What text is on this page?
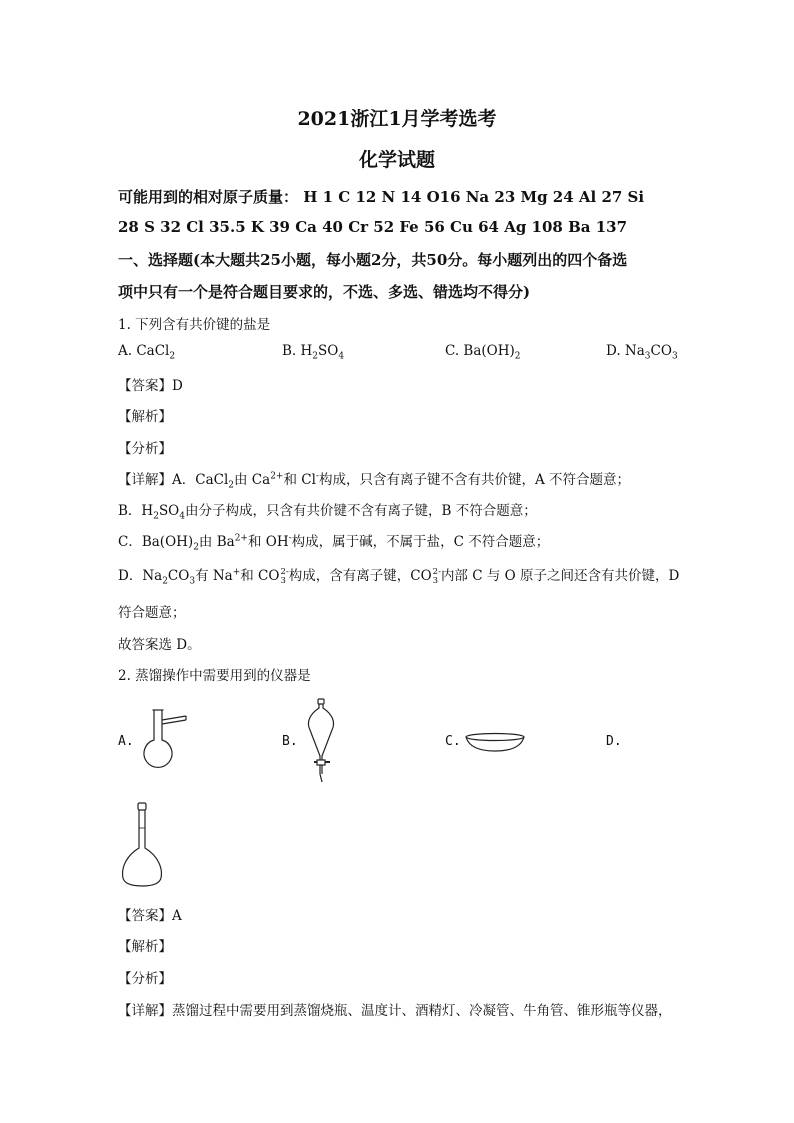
2021浙江1月学考选考
化学试题
可能用到的相对原子质量： H 1 C 12 N 14 O16 Na 23 Mg 24 Al 27 Si
28 S 32 Cl 35.5 K 39 Ca 40 Cr 52 Fe 56 Cu 64 Ag 108 Ba 137
一、选择题(本大题共25小题，每小题2分，共50分。每小题列出的四个备选
项中只有一个是符合题目要求的，不选、多选、错选均不得分)
1. 下列含有共价键的盐是
A. CaCl$_2$	B. $H_2SO_4$	C. $Ba(OH)_2$	D. $Na_3CO_3$
【答案】D
【解析】
【分析】
【详解】A．CaCl$_2$由 $Ca^{2+}$和 Cl-构成，只含有离子键不含有共价键，A 不符合题意；
B．$H_2SO_4$由分子构成，只含有共价键不含有离子键，B 不符合题意；
C．$Ba(OH)_2$由 $Ba^{2+}$和 OH-构成，属于碱，不属于盐，C 不符合题意；
D．$Na_2CO_3$有 Na+和 CO 2-
3 构成，含有离子键，CO 2-
3 内部 C 与 O 原子之间还含有共价键，D
符合题意；
故答案选 D。
2. 蒸馏操作中需要用到的仪器是
A.	B.	C.	D.
【答案】A
【解析】
【分析】
【详解】蒸馏过程中需要用到蒸馏烧瓶、温度计、酒精灯、冷凝管、牛角管、锥形瓶等仪器，
